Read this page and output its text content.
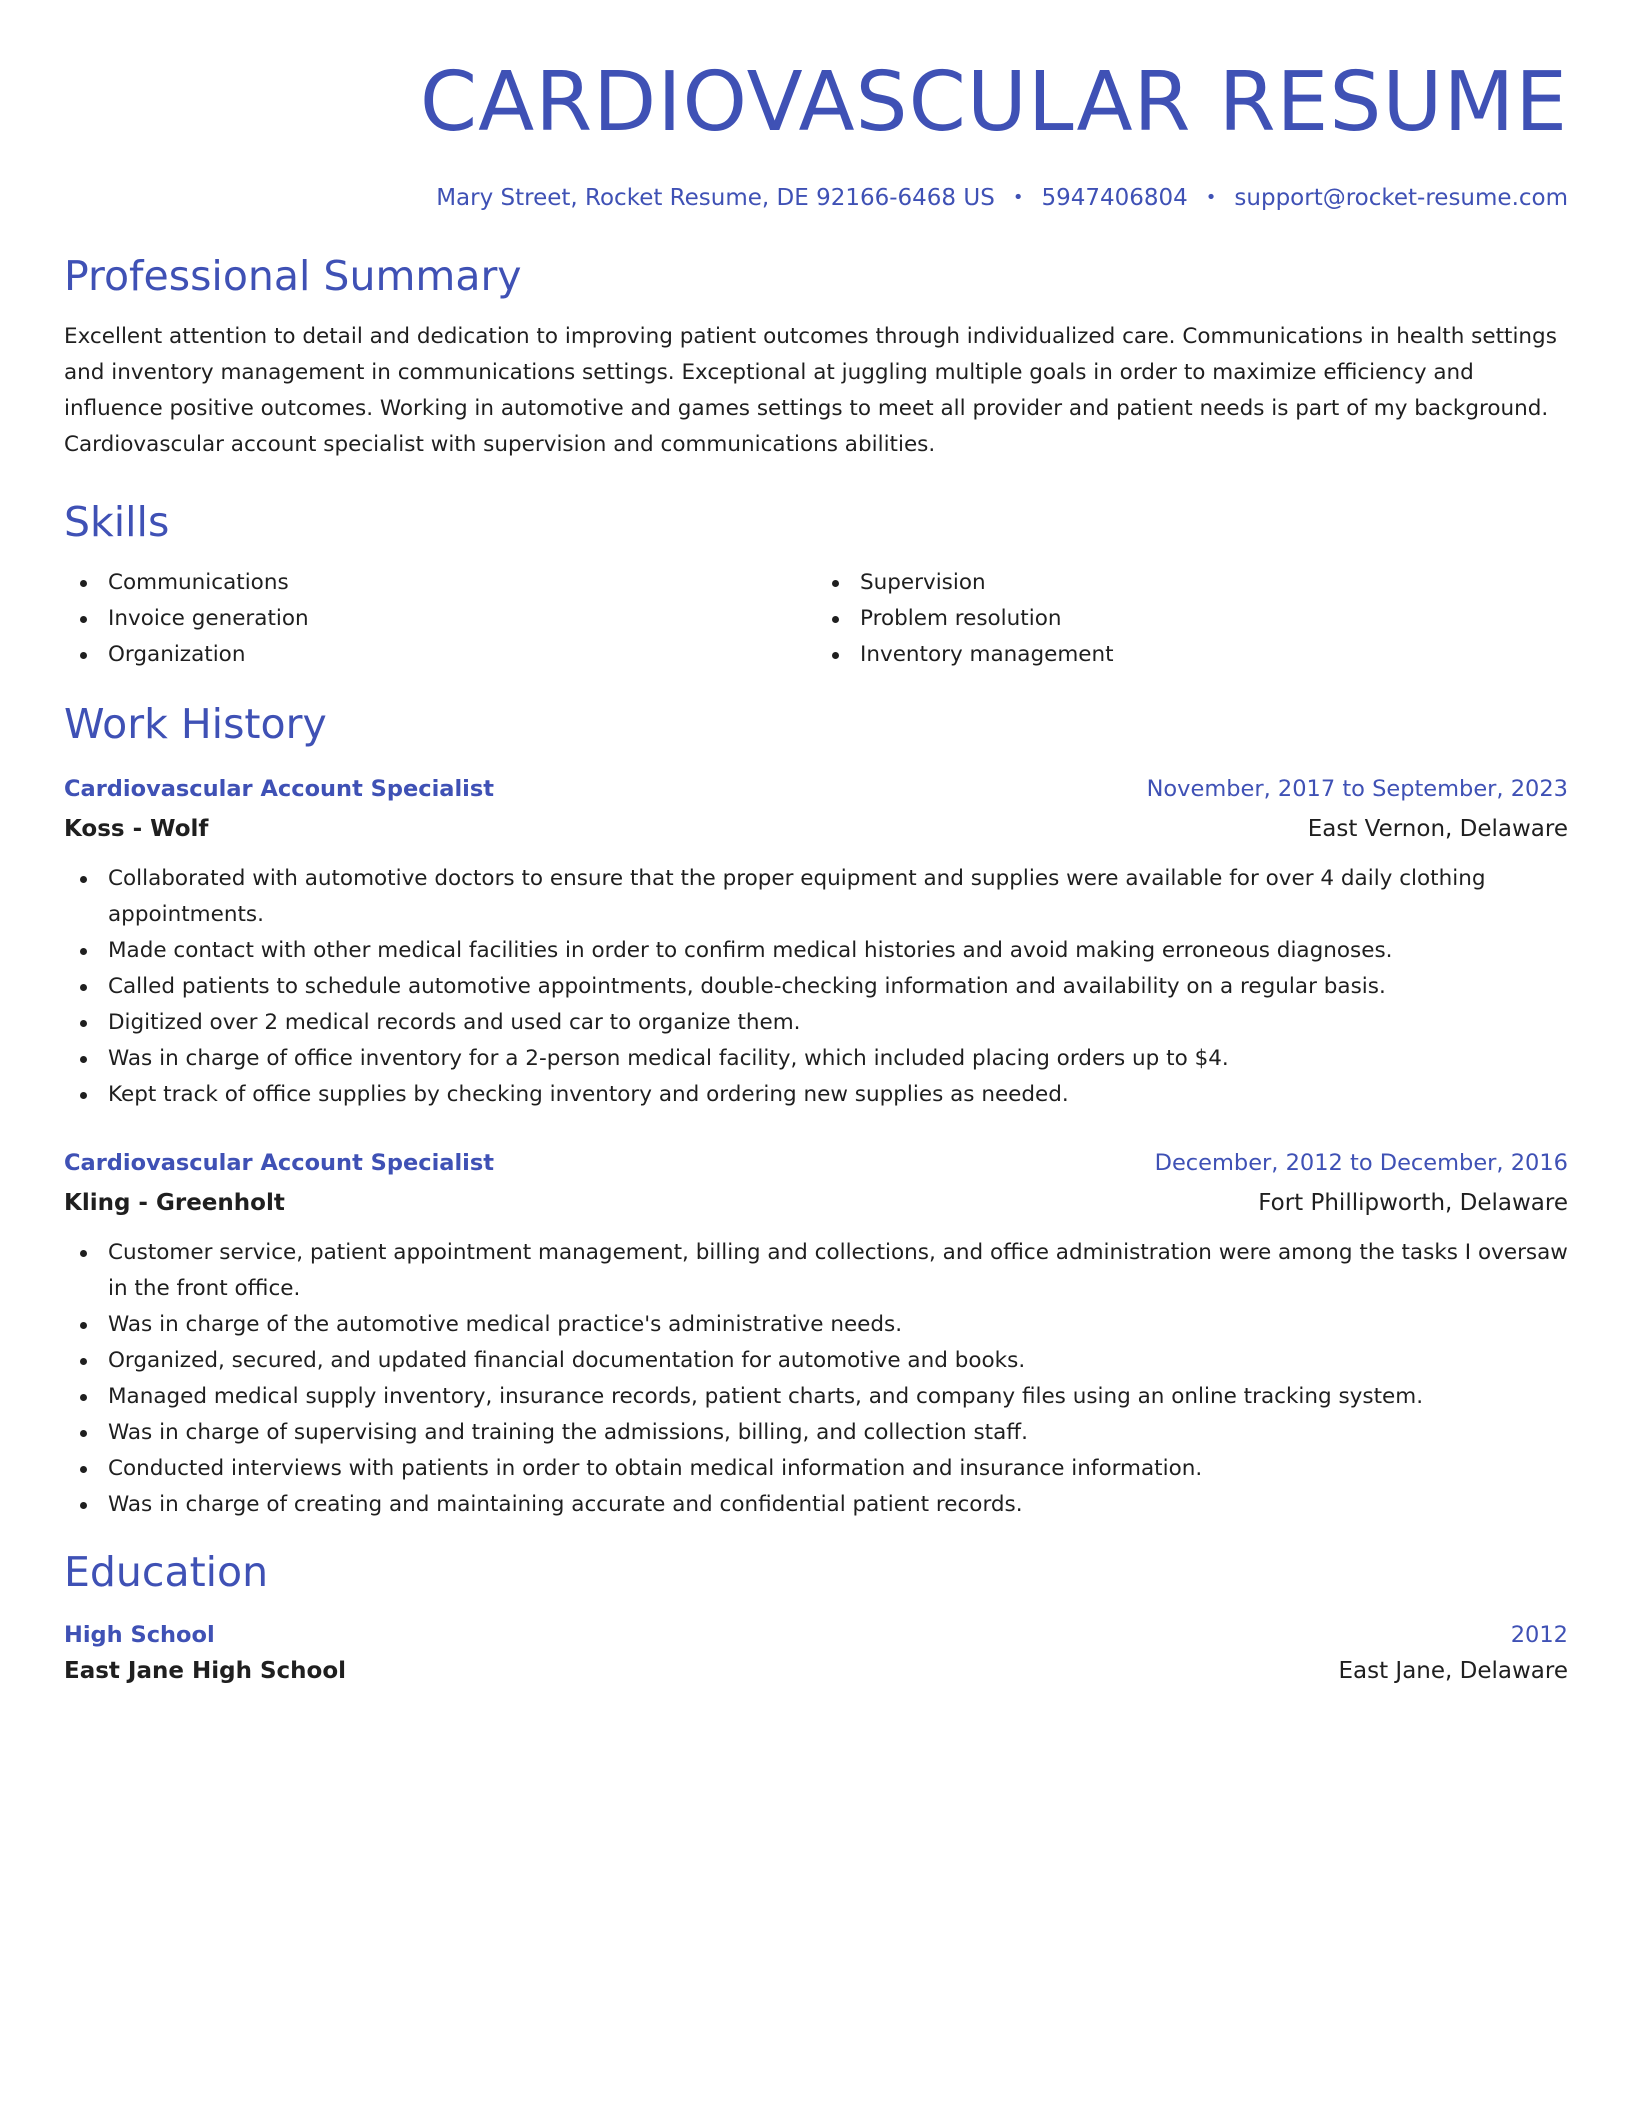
CARDIOVASCULAR RESUME
Mary Street, Rocket Resume, DE 92166-6468 US • 5947406804 • support@rocket-resume.com
Professional Summary

Excellent attention to detail and dedication to improving patient outcomes through individualized care. Communications in health settings and inventory management in communications settings. Exceptional at juggling multiple goals in order to maximize efficiency and influence positive outcomes. Working in automotive and games settings to meet all provider and patient needs is part of my background. Cardiovascular account specialist with supervision and communications abilities.

Skills
Communications
Invoice generation
Organization
Supervision
Problem resolution
Inventory management
Work History
Cardiovascular Account Specialist	November, 2017 to September, 2023
Koss - Wolf	East Vernon, Delaware
Collaborated with automotive doctors to ensure that the proper equipment and supplies were available for over 4 daily clothing appointments.
Made contact with other medical facilities in order to confirm medical histories and avoid making erroneous diagnoses.
Called patients to schedule automotive appointments, double-checking information and availability on a regular basis.
Digitized over 2 medical records and used car to organize them.
Was in charge of office inventory for a 2-person medical facility, which included placing orders up to $4.
Kept track of office supplies by checking inventory and ordering new supplies as needed.
Cardiovascular Account Specialist	December, 2012 to December, 2016
Kling - Greenholt	Fort Phillipworth, Delaware
Customer service, patient appointment management, billing and collections, and office administration were among the tasks I oversaw in the front office.
Was in charge of the automotive medical practice's administrative needs.
Organized, secured, and updated financial documentation for automotive and books.
Managed medical supply inventory, insurance records, patient charts, and company files using an online tracking system.
Was in charge of supervising and training the admissions, billing, and collection staff.
Conducted interviews with patients in order to obtain medical information and insurance information.
Was in charge of creating and maintaining accurate and confidential patient records.
Education
High School	2012
East Jane High School	East Jane, Delaware
